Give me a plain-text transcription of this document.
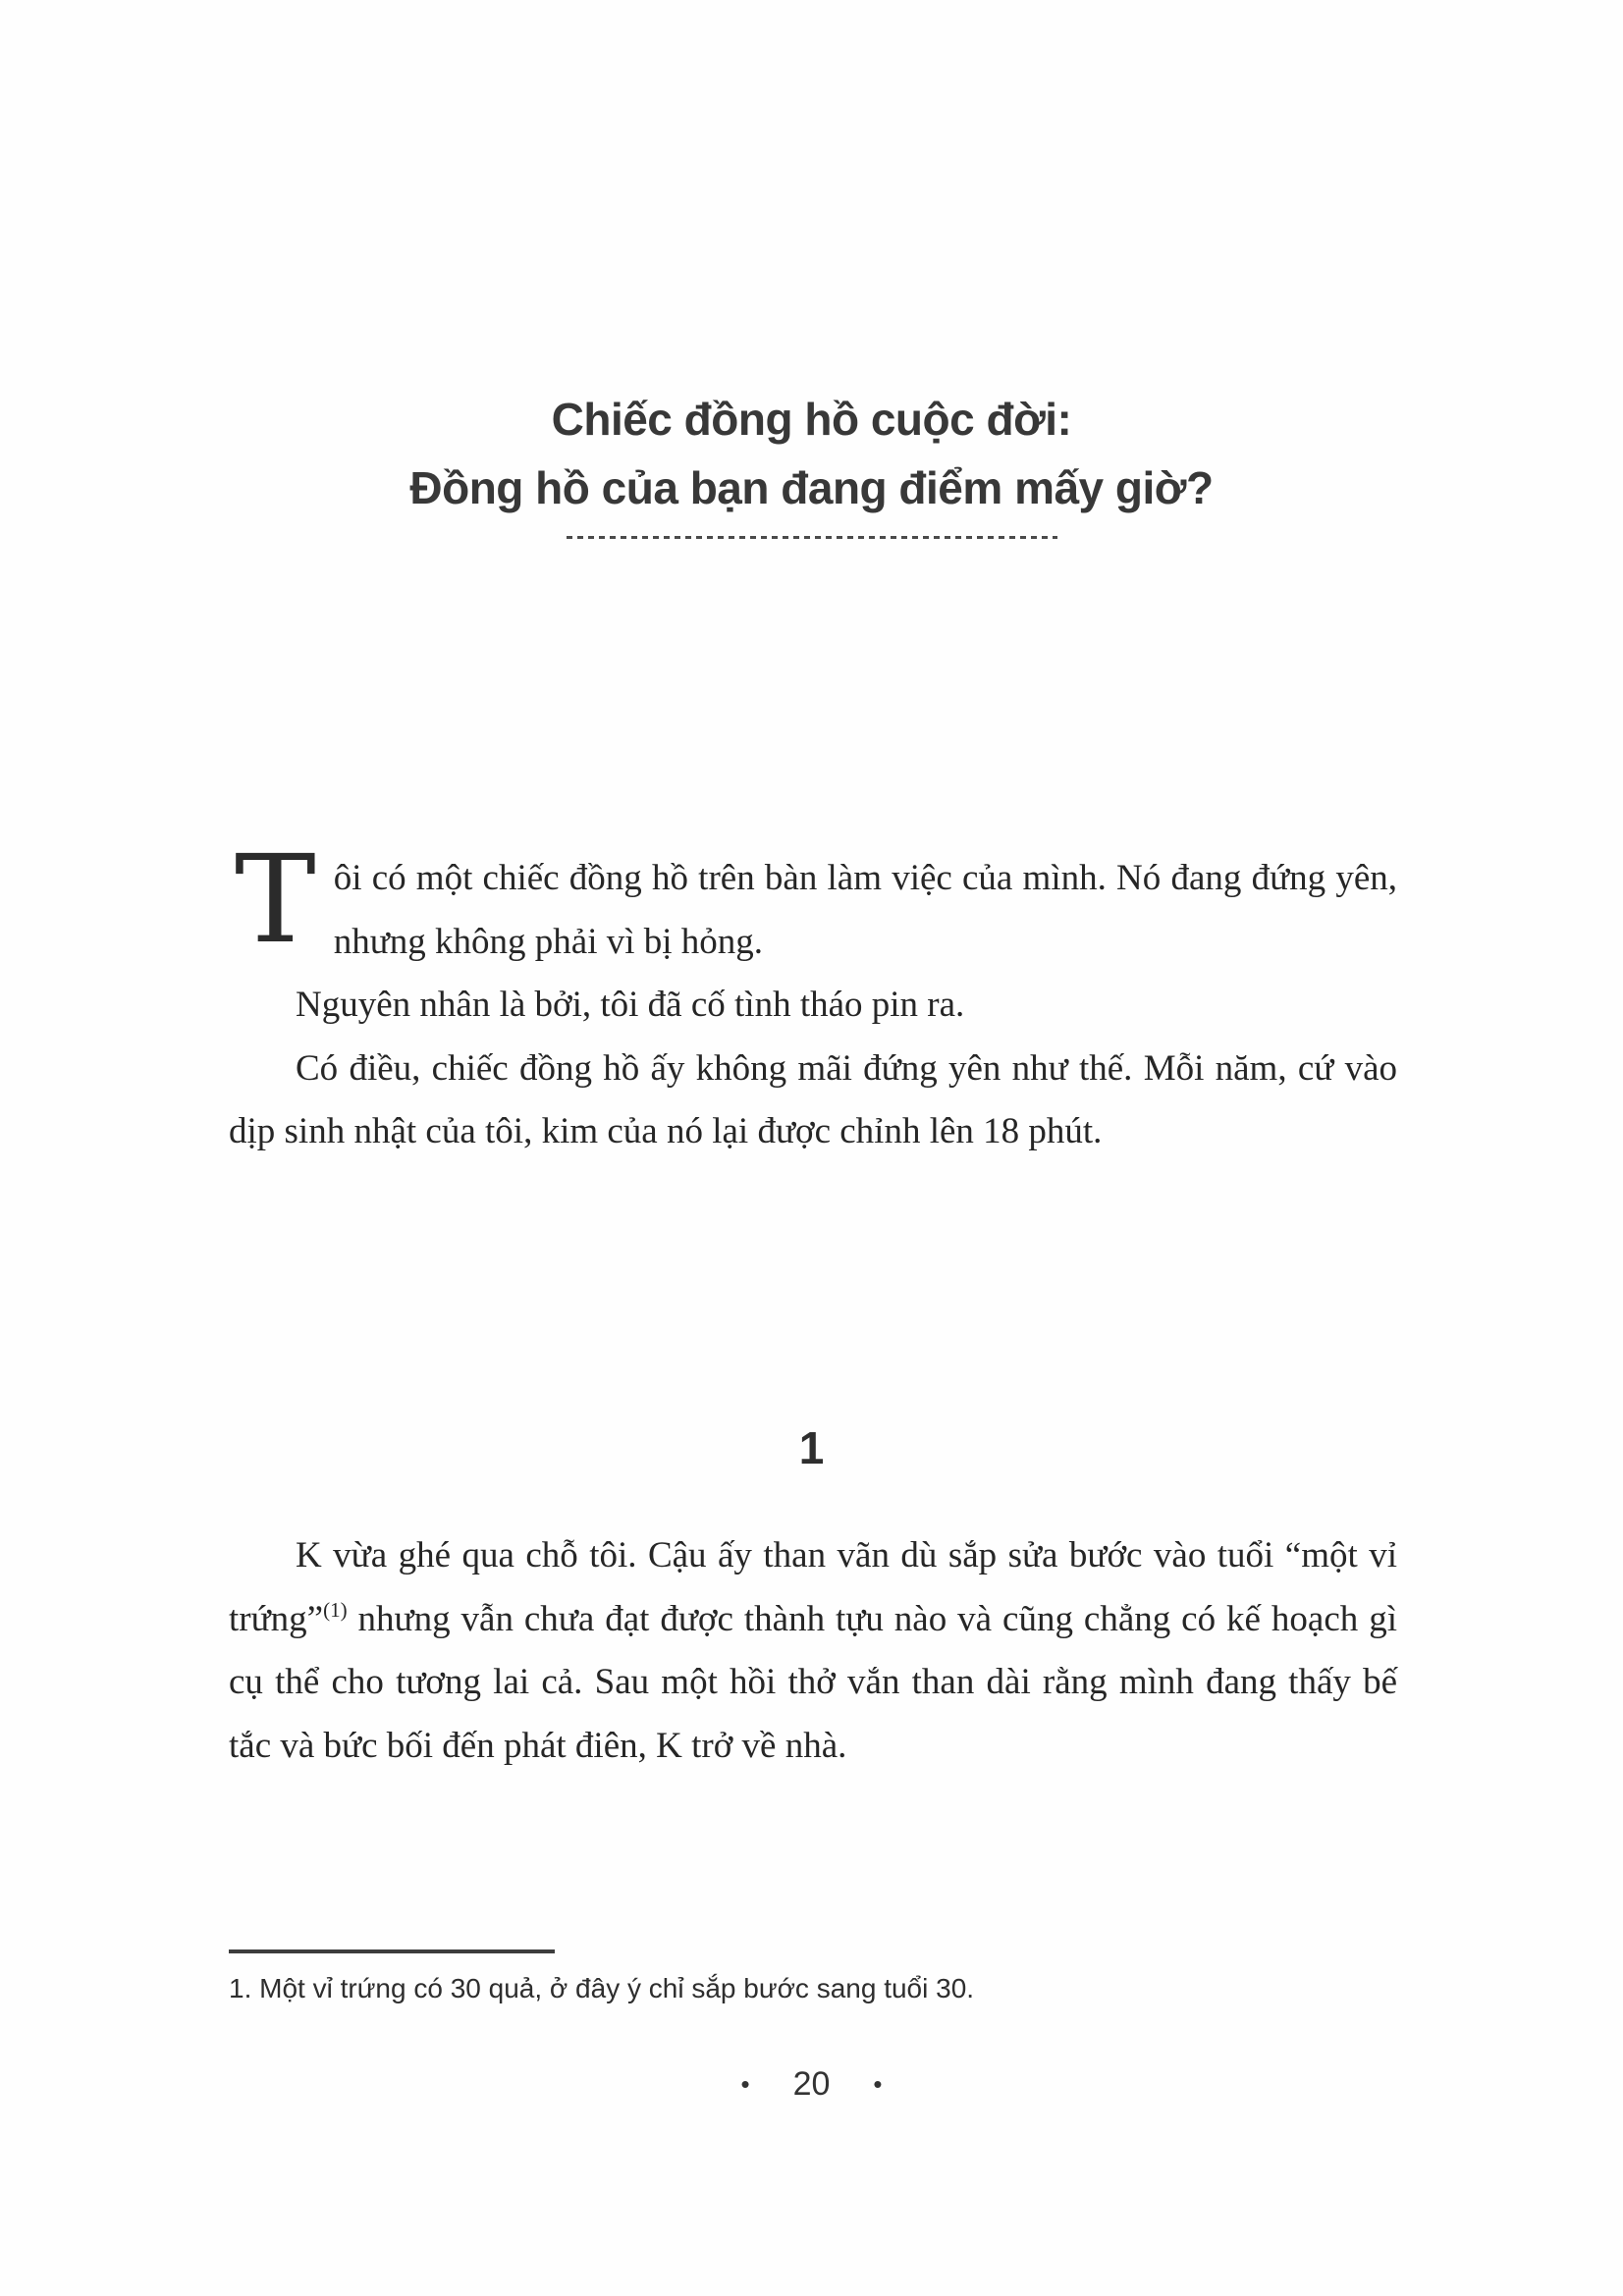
Chiếc đồng hồ cuộc đời:
Đồng hồ của bạn đang điểm mấy giờ?

T ôi có một chiếc đồng hồ trên bàn làm việc của mình. Nó đang đứng yên, nhưng không phải vì bị hỏng.

Nguyên nhân là bởi, tôi đã cố tình tháo pin ra.

Có điều, chiếc đồng hồ ấy không mãi đứng yên như thế. Mỗi năm, cứ vào dịp sinh nhật của tôi, kim của nó lại được chỉnh lên 18 phút.

1

K vừa ghé qua chỗ tôi. Cậu ấy than vãn dù sắp sửa bước vào tuổi “một vỉ trứng”$^{(1)}$ nhưng vẫn chưa đạt được thành tựu nào và cũng chẳng có kế hoạch gì cụ thể cho tương lai cả. Sau một hồi thở vắn than dài rằng mình đang thấy bế tắc và bức bối đến phát điên, K trở về nhà.

1. Một vỉ trứng có 30 quả, ở đây ý chỉ sắp bước sang tuổi 30.

• 20 •
